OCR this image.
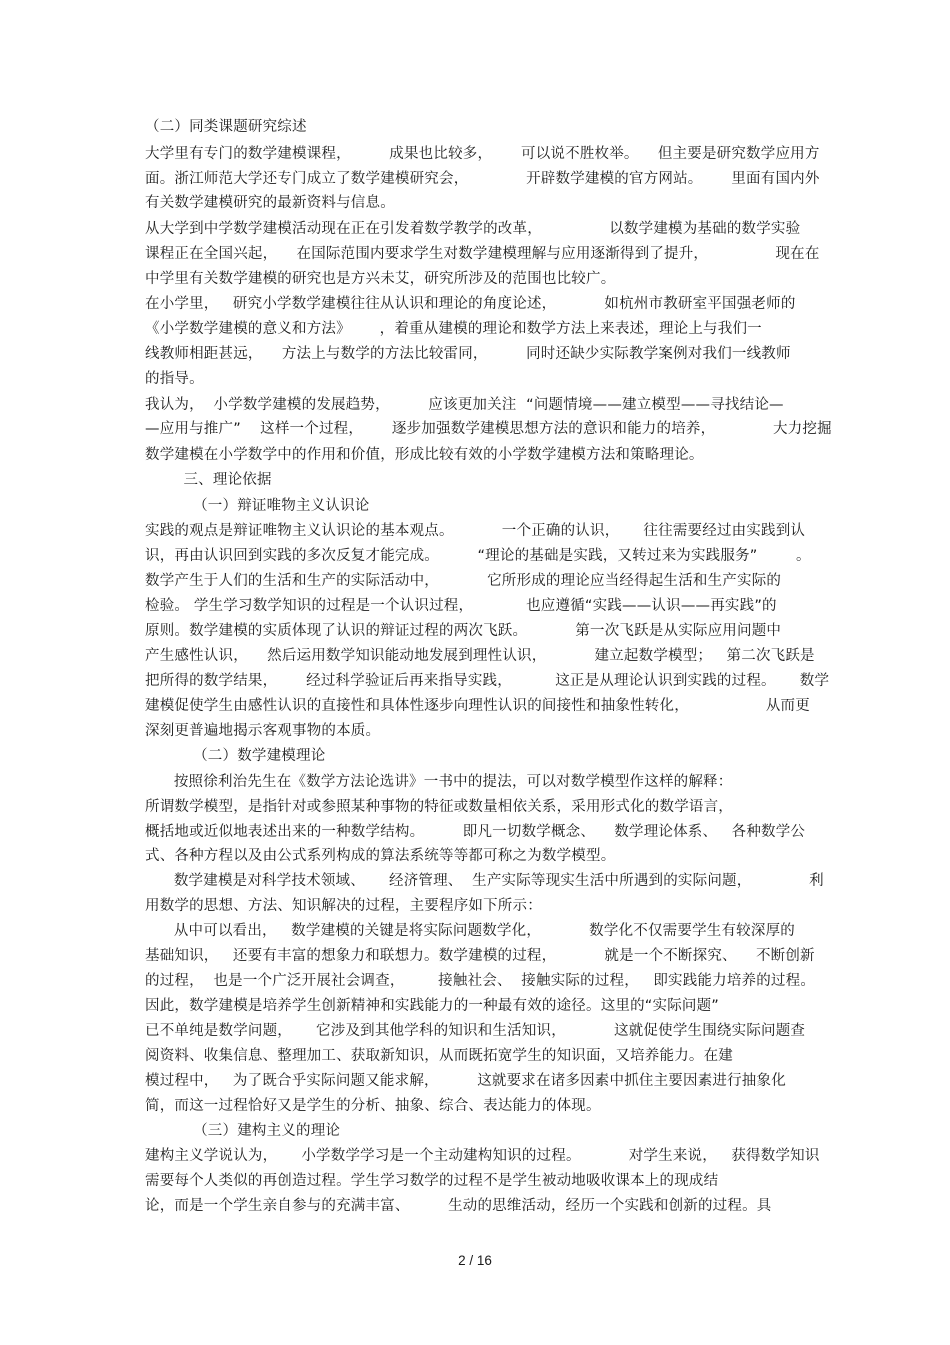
（二）同类课题研究综述
大学里有专门的数学建模课程，        成果也比较多，      可以说不胜枚举。    但主要是研究数学应用方
面。浙江师范大学还专门成立了数学建模研究会，            开辟数学建模的官方网站。      里面有国内外
有关数学建模研究的最新资料与信息。
从大学到中学数学建模活动现在正在引发着数学教学的改革，              以数学建模为基础的数学实验
课程正在全国兴起，    在国际范围内要求学生对数学建模理解与应用逐渐得到了提升，              现在在
中学里有关数学建模的研究也是方兴未艾，研究所涉及的范围也比较广。
在小学里，   研究小学数学建模往往从认识和理论的角度论述，          如杭州市教研室平国强老师的
《小学数学建模的意义和方法》      ，着重从建模的理论和数学方法上来表述，理论上与我们一
线教师相距甚远，    方法上与数学的方法比较雷同，        同时还缺少实际教学案例对我们一线教师
的指导。
我认为，  小学数学建模的发展趋势，        应该更加关注  “问题情境——建立模型——寻找结论—
—应用与推广”    这样一个过程，      逐步加强数学建模思想方法的意识和能力的培养，            大力挖掘
数学建模在小学数学中的作用和价值，形成比较有效的小学数学建模方法和策略理论。
三、理论依据
（一）辩证唯物主义认识论
实践的观点是辩证唯物主义认识论的基本观点。          一个正确的认识，     往往需要经过由实践到认
识，再由认识回到实践的多次反复才能完成。        “理论的基础是实践，又转过来为实践服务”        。
数学产生于人们的生活和生产的实际活动中，          它所形成的理论应当经得起生活和生产实际的
检验。 学生学习数学知识的过程是一个认识过程，           也应遵循“实践——认识——再实践”的
原则。数学建模的实质体现了认识的辩证过程的两次飞跃。          第一次飞跃是从实际应用问题中
产生感性认识，    然后运用数学知识能动地发展到理性认识，          建立起数学模型；   第二次飞跃是
把所得的数学结果，      经过科学验证后再来指导实践，         这正是从理论认识到实践的过程。     数学
建模促使学生由感性认识的直接性和具体性逐步向理性认识的间接性和抽象性转化，                从而更
深刻更普遍地揭示客观事物的本质。
（二）数学建模理论
按照徐利治先生在《数学方法论选讲》一书中的提法，可以对数学模型作这样的解释：
所谓数学模型，是指针对或参照某种事物的特征或数量相依关系，采用形式化的数学语言，
概括地或近似地表述出来的一种数学结构。        即凡一切数学概念、    数学理论体系、   各种数学公
式、各种方程以及由公式系列构成的算法系统等等都可称之为数学模型。
数学建模是对科学技术领域、     经济管理、  生产实际等现实生活中所遇到的实际问题，            利
用数学的思想、方法、知识解决的过程，主要程序如下所示：
从中可以看出，   数学建模的关键是将实际问题数学化，          数学化不仅需要学生有较深厚的
基础知识，   还要有丰富的想象力和联想力。数学建模的过程，          就是一个不断探究、    不断创新
的过程，  也是一个广泛开展社会调查，       接触社会、  接触实际的过程，   即实践能力培养的过程。
因此，数学建模是培养学生创新精神和实践能力的一种最有效的途径。这里的“实际问题”
已不单纯是数学问题，     它涉及到其他学科的知识和生活知识，          这就促使学生围绕实际问题查
阅资料、收集信息、整理加工、获取新知识，从而既拓宽学生的知识面，又培养能力。在建
模过程中，   为了既合乎实际问题又能求解，        这就要求在诸多因素中抓住主要因素进行抽象化
简，而这一过程恰好又是学生的分析、抽象、综合、表达能力的体现。
（三）建构主义的理论
建构主义学说认为，     小学数学学习是一个主动建构知识的过程。          对学生来说，   获得数学知识
需要每个人类似的再创造过程。学生学习数学的过程不是学生被动地吸收课本上的现成结
论，而是一个学生亲自参与的充满丰富、        生动的思维活动，经历一个实践和创新的过程。具
2 / 16
